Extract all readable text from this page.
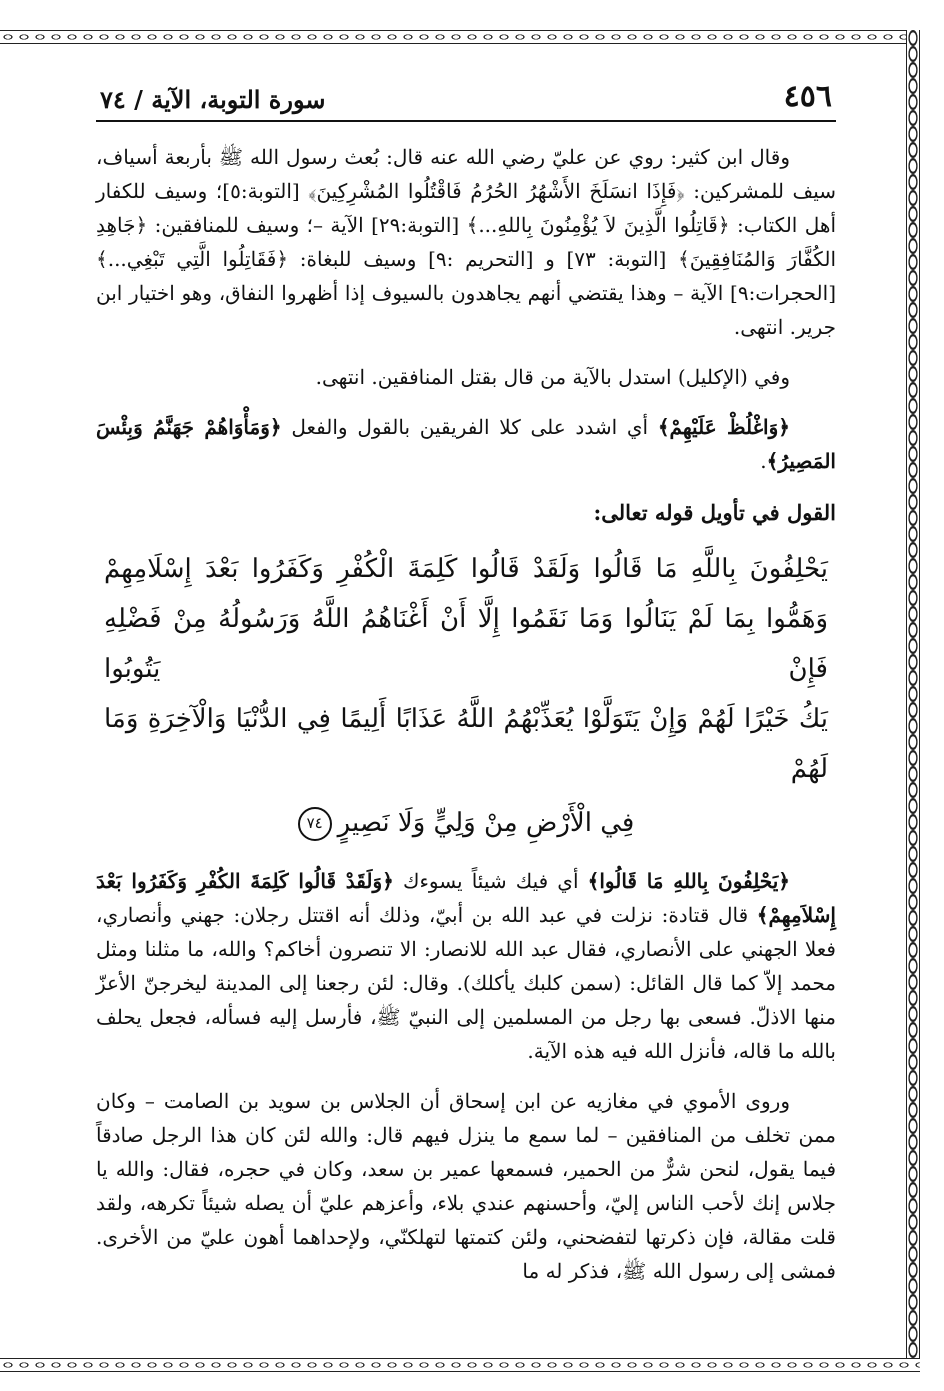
٤٥٦
سورة التوبة، الآية / ٧٤

وقال ابن كثير: روي عن عليّ رضي الله عنه قال: بُعث رسول الله ﷺ بأربعة أسياف، سيف للمشركين: ﴿فَإِذَا انسَلَخَ الأَشْهُرُ الحُرُمُ فَاقْتُلُوا المُشْرِكِينَ﴾ [التوبة:٥]؛ وسيف للكفار أهل الكتاب: ﴿قَاتِلُوا الَّذِينَ لاَ يُؤْمِنُونَ بِاللهِ...﴾ [التوبة:٢٩] الآية –؛ وسيف للمنافقين: ﴿جَاهِدِ الكُفَّارَ وَالمُنَافِقِينَ﴾ [التوبة: ٧٣] و [التحريم :٩] وسيف للبغاة: ﴿فَقَاتِلُوا الَّتِي تَبْغِي...﴾ [الحجرات:٩] الآية – وهذا يقتضي أنهم يجاهدون بالسيوف إذا أظهروا النفاق، وهو اختيار ابن جرير. انتهى.

وفي (الإكليل) استدل بالآية من قال بقتل المنافقين. انتهى.

﴿وَاغْلُظْ عَلَيْهِمْ﴾ أي اشدد على كلا الفريقين بالقول والفعل ﴿وَمَأْوَاهُمْ جَهَنَّمُ وَبِئْسَ المَصِيرُ﴾.

القول في تأويل قوله تعالى:

يَحْلِفُونَ بِاللَّهِ مَا قَالُوا وَلَقَدْ قَالُوا كَلِمَةَ الْكُفْرِ وَكَفَرُوا بَعْدَ إِسْلَامِهِمْ
وَهَمُّوا بِمَا لَمْ يَنَالُوا وَمَا نَقَمُوا إِلَّا أَنْ أَغْنَاهُمُ اللَّهُ وَرَسُولُهُ مِنْ فَضْلِهِ فَإِنْ يَتُوبُوا
يَكُ خَيْرًا لَهُمْ وَإِنْ يَتَوَلَّوْا يُعَذِّبْهُمُ اللَّهُ عَذَابًا أَلِيمًا فِي الدُّنْيَا وَالْآخِرَةِ وَمَا لَهُمْ
فِي الْأَرْضِ مِنْ وَلِيٍّ وَلَا نَصِيرٍ٧٤

﴿يَحْلِفُونَ بِاللهِ مَا قَالُوا﴾ أي فيك شيئاً يسوءك ﴿وَلَقَدْ قَالُوا كَلِمَةَ الكُفْرِ وَكَفَرُوا بَعْدَ إِسْلاَمِهِمْ﴾ قال قتادة: نزلت في عبد الله بن أبيّ، وذلك أنه اقتتل رجلان: جهني وأنصاري، فعلا الجهني على الأنصاري، فقال عبد الله للانصار: الا تنصرون أخاكم؟ والله، ما مثلنا ومثل محمد إلاّ كما قال القائل: (سمن كلبك يأكلك). وقال: لئن رجعنا إلى المدينة ليخرجنّ الأعزّ منها الاذلّ. فسعى بها رجل من المسلمين إلى النبيّ ﷺ، فأرسل إليه فسأله، فجعل يحلف بالله ما قاله، فأنزل الله فيه هذه الآية.

وروى الأموي في مغازيه عن ابن إسحاق أن الجلاس بن سويد بن الصامت – وكان ممن تخلف من المنافقين – لما سمع ما ينزل فيهم قال: والله لئن كان هذا الرجل صادقاً فيما يقول، لنحن شرٌّ من الحمير، فسمعها عمير بن سعد، وكان في حجره، فقال: والله يا جلاس إنك لأحب الناس إليّ، وأحسنهم عندي بلاء، وأعزهم عليّ أن يصله شيئاً تكرهه، ولقد قلت مقالة، فإن ذكرتها لتفضحني، ولئن كتمتها لتهلكنّي، ولإحداهما أهون عليّ من الأخرى. فمشى إلى رسول الله ﷺ، فذكر له ما
